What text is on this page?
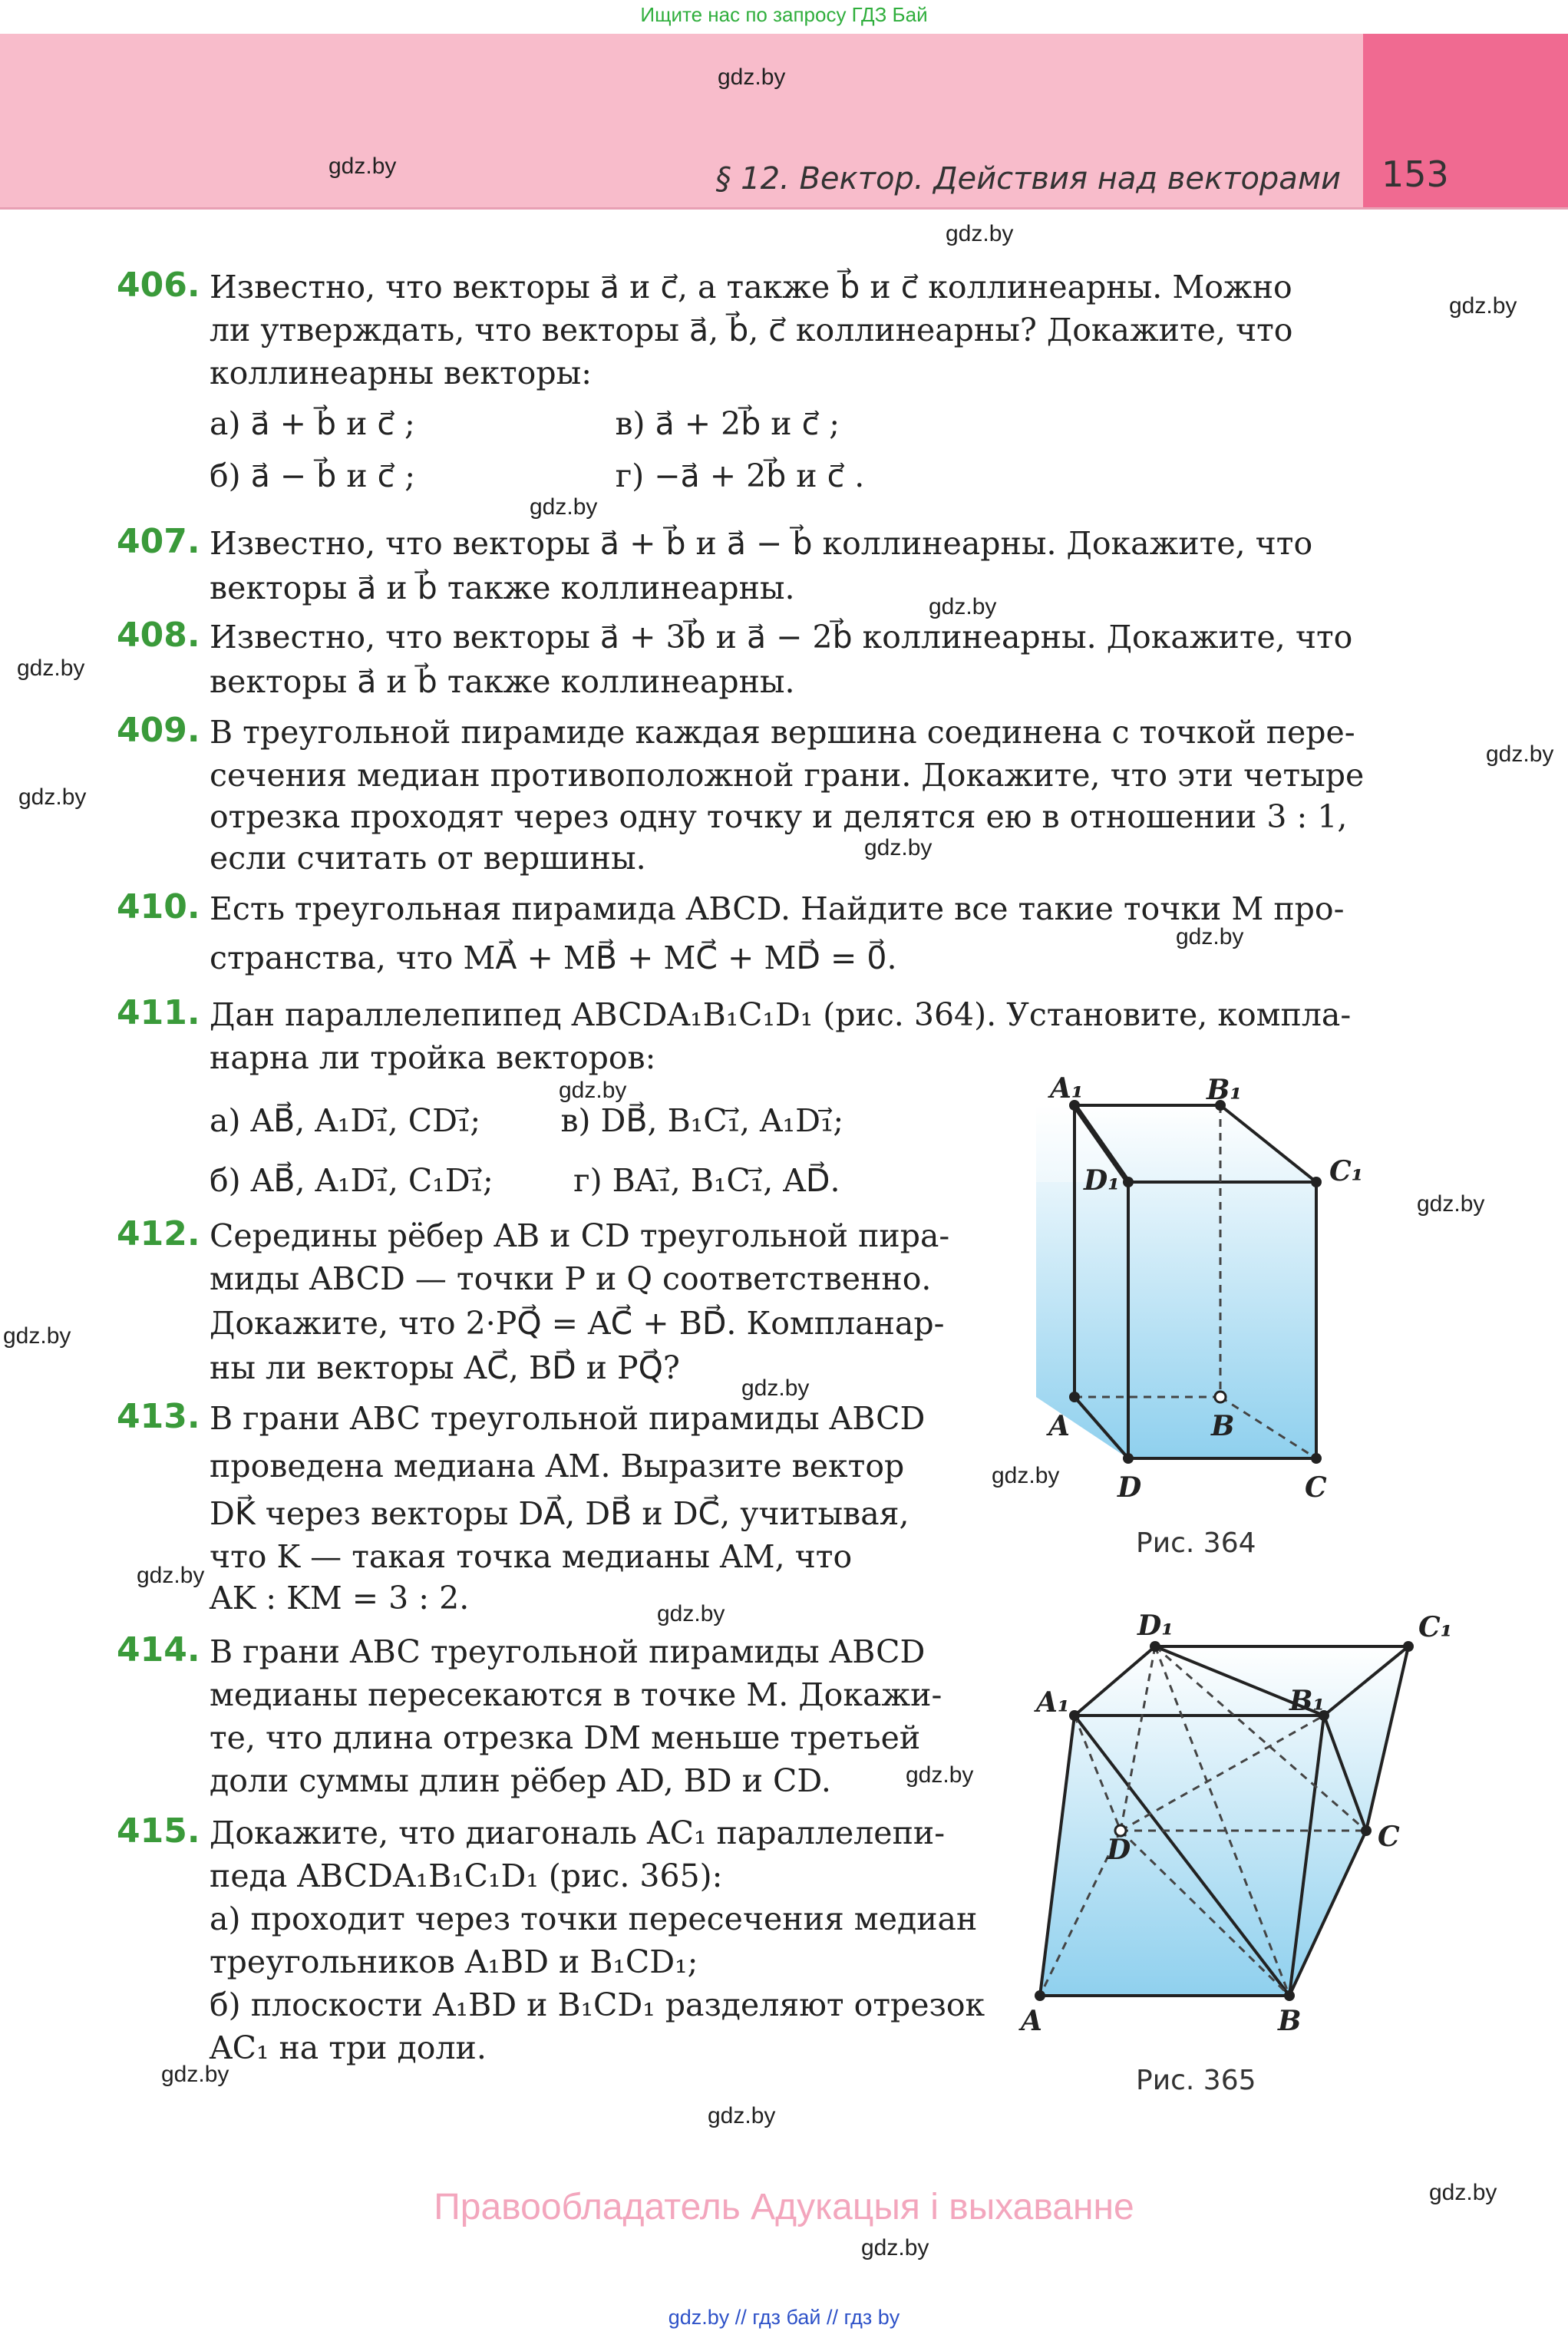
Ищите нас по запросу ГДЗ Бай
§ 12. Вектор. Действия над векторами 153
gdz.by
gdz.by
gdz.by
gdz.by
gdz.by
gdz.by
gdz.by
gdz.by
gdz.by
gdz.by
gdz.by
gdz.by
gdz.by
gdz.by
gdz.by
gdz.by
gdz.by
gdz.by
gdz.by
gdz.by
gdz.by
gdz.by
gdz.by
406. Известно, что векторы a⃗ и c⃗, а также b⃗ и c⃗ коллинеарны. Можно
ли утверждать, что векторы a⃗, b⃗, c⃗ коллинеарны? Докажите, что
коллинеарны векторы:
а) a⃗ + b⃗ и c⃗ ;                    в) a⃗ + 2b⃗ и c⃗ ;
б) a⃗ − b⃗ и c⃗ ;                    г) −a⃗ + 2b⃗ и c⃗ .
407. Известно, что векторы a⃗ + b⃗ и a⃗ − b⃗ коллинеарны. Докажите, что
векторы a⃗ и b⃗ также коллинеарны.
408. Известно, что векторы a⃗ + 3b⃗ и a⃗ − 2b⃗ коллинеарны. Докажите, что
векторы a⃗ и b⃗ также коллинеарны.
409. В треугольной пирамиде каждая вершина соединена с точкой пере-
сечения медиан противоположной грани. Докажите, что эти четыре
отрезка проходят через одну точку и делятся ею в отношении 3 : 1,
если считать от вершины.
410. Есть треугольная пирамида ABCD. Найдите все такие точки M про-
странства, что MA⃗ + MB⃗ + MC⃗ + MD⃗ = 0⃗.
411. Дан параллелепипед ABCDA₁B₁C₁D₁ (рис. 364). Установите, компла-
нарна ли тройка векторов:
а) AB⃗, A₁D₁⃗, CD₁⃗;        в) DB⃗, B₁C₁⃗, A₁D₁⃗;
б) AB⃗, A₁D₁⃗, C₁D₁⃗;        г) BA₁⃗, B₁C₁⃗, AD⃗.
412. Середины рёбер AB и CD треугольной пира-
миды ABCD — точки P и Q соответственно.
Докажите, что 2·PQ⃗ = AC⃗ + BD⃗. Компланар-
ны ли векторы AC⃗, BD⃗ и PQ⃗?
413. В грани ABC треугольной пирамиды ABCD
проведена медиана AM. Выразите вектор
DK⃗ через векторы DA⃗, DB⃗ и DC⃗, учитывая,
что K — такая точка медианы AM, что
AK : KM = 3 : 2.
414. В грани ABC треугольной пирамиды ABCD
медианы пересекаются в точке M. Докажи-
те, что длина отрезка DM меньше третьей
доли суммы длин рёбер AD, BD и CD.
415. Докажите, что диагональ AC₁ параллелепи-
педа ABCDA₁B₁C₁D₁ (рис. 365):
а) проходит через точки пересечения медиан
треугольников A₁BD и B₁CD₁;
б) плоскости A₁BD и B₁CD₁ разделяют отрезок
AC₁ на три доли.
A₁	B₁
C₁
D₁
A	B
C
D
Рис. 364
D₁	C₁
A₁	B₁
A	B
C
D
Рис. 365
Правообладатель Адукацыя і выхаванне
gdz.by // гдз бай // гдз by
